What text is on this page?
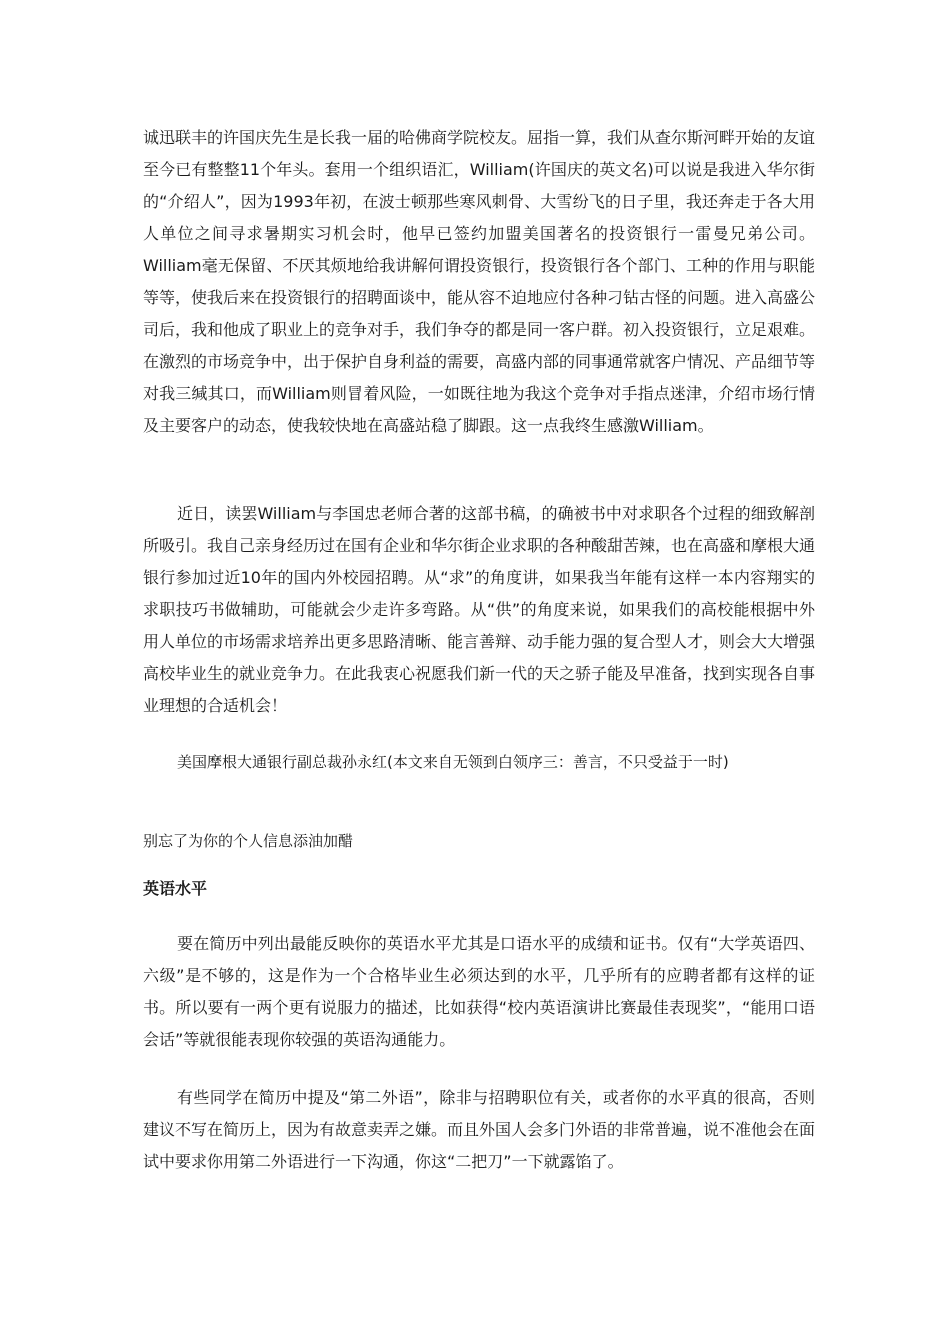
诚迅联丰的许国庆先生是长我一届的哈佛商学院校友。屈指一算，我们从查尔斯河畔开始的友谊至今已有整整11个年头。套用一个组织语汇，William(许国庆的英文名)可以说是我进入华尔街的“介绍人”，因为1993年初，在波士顿那些寒风刺骨、大雪纷飞的日子里，我还奔走于各大用人单位之间寻求暑期实习机会时，他早已签约加盟美国著名的投资银行一雷曼兄弟公司。William毫无保留、不厌其烦地给我讲解何谓投资银行，投资银行各个部门、工种的作用与职能等等，使我后来在投资银行的招聘面谈中，能从容不迫地应付各种刁钻古怪的问题。进入高盛公司后，我和他成了职业上的竞争对手，我们争夺的都是同一客户群。初入投资银行，立足艰难。在激烈的市场竞争中，出于保护自身利益的需要，高盛内部的同事通常就客户情况、产品细节等对我三缄其口，而William则冒着风险，一如既往地为我这个竞争对手指点迷津，介绍市场行情及主要客户的动态，使我较快地在高盛站稳了脚跟。这一点我终生感激William。

近日，读罢William与李国忠老师合著的这部书稿，的确被书中对求职各个过程的细致解剖所吸引。我自己亲身经历过在国有企业和华尔街企业求职的各种酸甜苦辣，也在高盛和摩根大通银行参加过近10年的国内外校园招聘。从“求”的角度讲，如果我当年能有这样一本内容翔实的求职技巧书做辅助，可能就会少走许多弯路。从“供”的角度来说，如果我们的高校能根据中外用人单位的市场需求培养出更多思路清晰、能言善辩、动手能力强的复合型人才，则会大大增强高校毕业生的就业竞争力。在此我衷心祝愿我们新一代的天之骄子能及早准备，找到实现各自事业理想的合适机会！

美国摩根大通银行副总裁孙永红(本文来自无领到白领序三：善言，不只受益于一时)

别忘了为你的个人信息添油加醋

英语水平

要在简历中列出最能反映你的英语水平尤其是口语水平的成绩和证书。仅有“大学英语四、六级”是不够的，这是作为一个合格毕业生必须达到的水平，几乎所有的应聘者都有这样的证书。所以要有一两个更有说服力的描述，比如获得“校内英语演讲比赛最佳表现奖”，“能用口语会话”等就很能表现你较强的英语沟通能力。

有些同学在简历中提及“第二外语”，除非与招聘职位有关，或者你的水平真的很高，否则建议不写在简历上，因为有故意卖弄之嫌。而且外国人会多门外语的非常普遍，说不准他会在面试中要求你用第二外语进行一下沟通，你这“二把刀”一下就露馅了。
